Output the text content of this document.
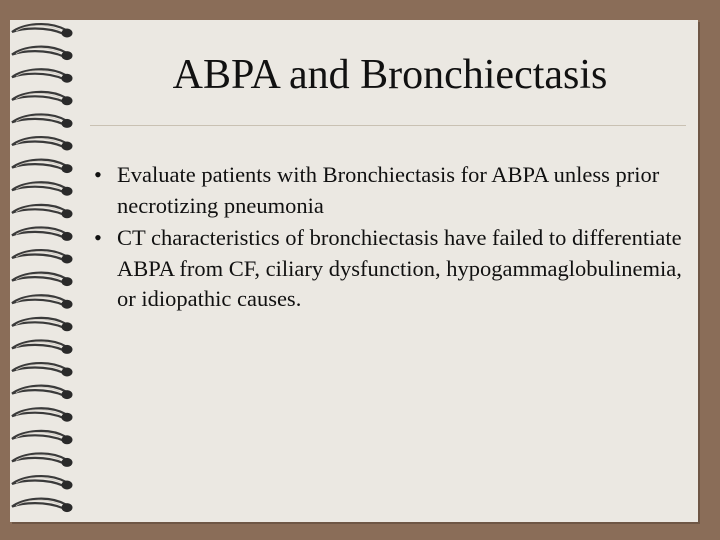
ABPA and Bronchiectasis
• Evaluate patients with Bronchiectasis for ABPA unless prior necrotizing pneumonia
• CT characteristics of bronchiectasis have failed to differentiate ABPA from CF, ciliary dysfunction, hypogammaglobulinemia, or idiopathic causes.
